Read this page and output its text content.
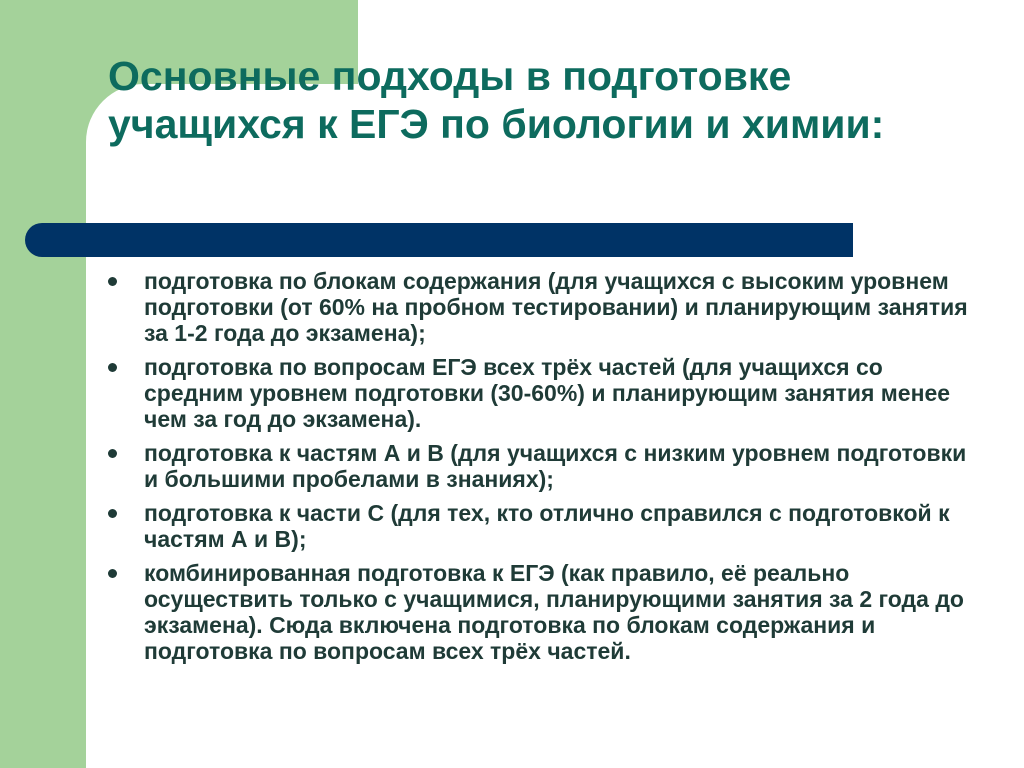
Основные подходы в подготовке учащихся к ЕГЭ по биологии и химии:
подготовка по блокам содержания (для учащихся с высоким уровнем подготовки (от 60% на пробном тестировании) и планирующим занятия за 1-2 года до экзамена);
подготовка по вопросам ЕГЭ всех трёх частей (для учащихся со средним уровнем подготовки (30-60%) и планирующим занятия менее чем за год до экзамена).
подготовка к частям А и В (для учащихся с низким уровнем подготовки и большими пробелами в знаниях);
подготовка к части С (для тех, кто отлично справился с подготовкой к частям А и В);
комбинированная подготовка к ЕГЭ (как правило, её реально осуществить только с учащимися, планирующими занятия за 2 года до экзамена). Сюда включена подготовка по блокам содержания и подготовка по вопросам всех трёх частей.
